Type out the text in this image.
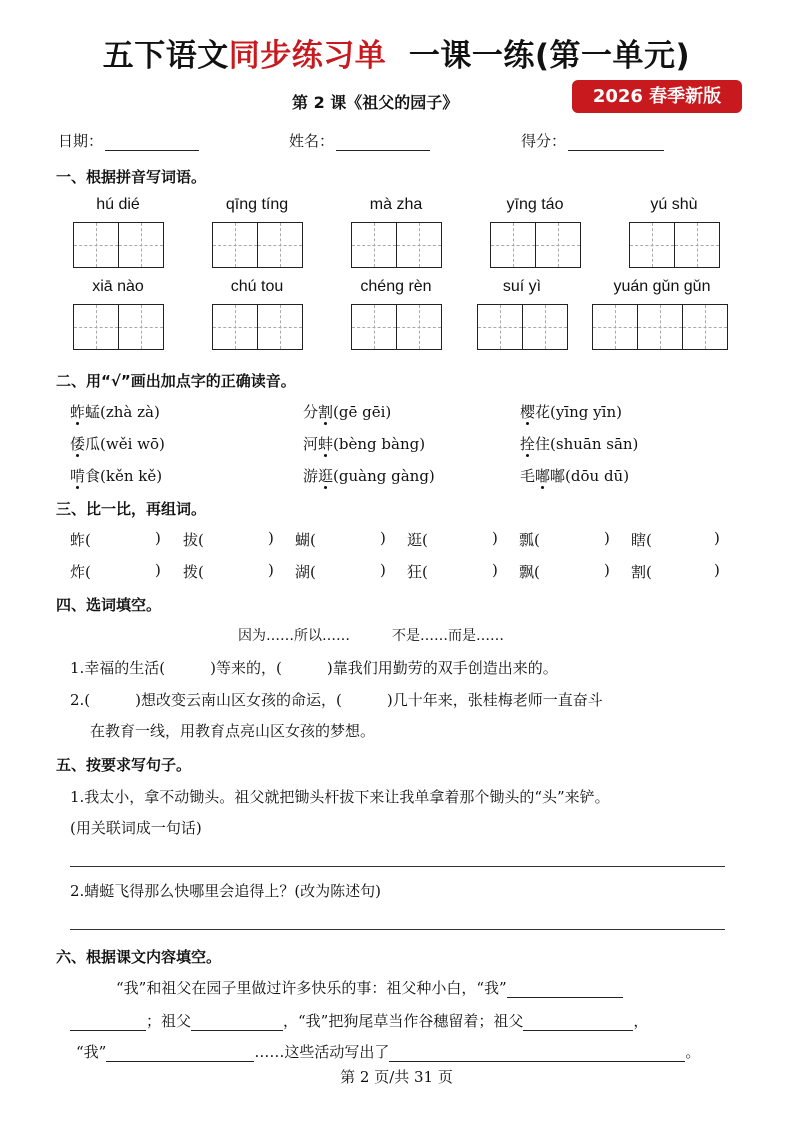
五下语文同步练习单 一课一练(第一单元)
第 2 课《祖父的园子》	2026 春季新版
日期：	姓名：	得分：
一、根据拼音写词语。
hú dié	qīng tíng	mà zha	yīng táo	yú shù
xiā nào	chú tou	chéng rèn	suí yì	yuán gǔn gǔn
二、用“√”画出加点字的正确读音。
蚱蜢(zhà zà)	分割(gē gēi)	樱花(yīng yīn)
倭瓜(wěi wō)	河蚌(bèng bàng)	拴住(shuān sān)
啃食(kěn kě)	游逛(guàng gàng)	毛嘟嘟(dōu dū)
三、比一比，再组词。
蚱(	) 拔(	) 蝴(	) 逛(	) 瓢(	) 瞎(	)
炸(	) 拨(	) 湖(	) 狂(	) 飘(	) 割(	)
四、选词填空。
因为……所以……　　　不是……而是……
1.幸福的生活(　　　)等来的，(　　　)靠我们用勤劳的双手创造出来的。
2.(　　　)想改变云南山区女孩的命运，(　　　)几十年来，张桂梅老师一直奋斗
在教育一线，用教育点亮山区女孩的梦想。
五、按要求写句子。
1.我太小，拿不动锄头。祖父就把锄头杆拔下来让我单拿着那个锄头的“头”来铲。
(用关联词成一句话)
2.蜻蜓飞得那么快哪里会追得上？(改为陈述句)
六、根据课文内容填空。
“我”和祖父在园子里做过许多快乐的事：祖父种小白，“我”
；祖父	，“我”把狗尾草当作谷穗留着；祖父	，
“我”	……这些活动写出了	。
第 2 页/共 31 页
